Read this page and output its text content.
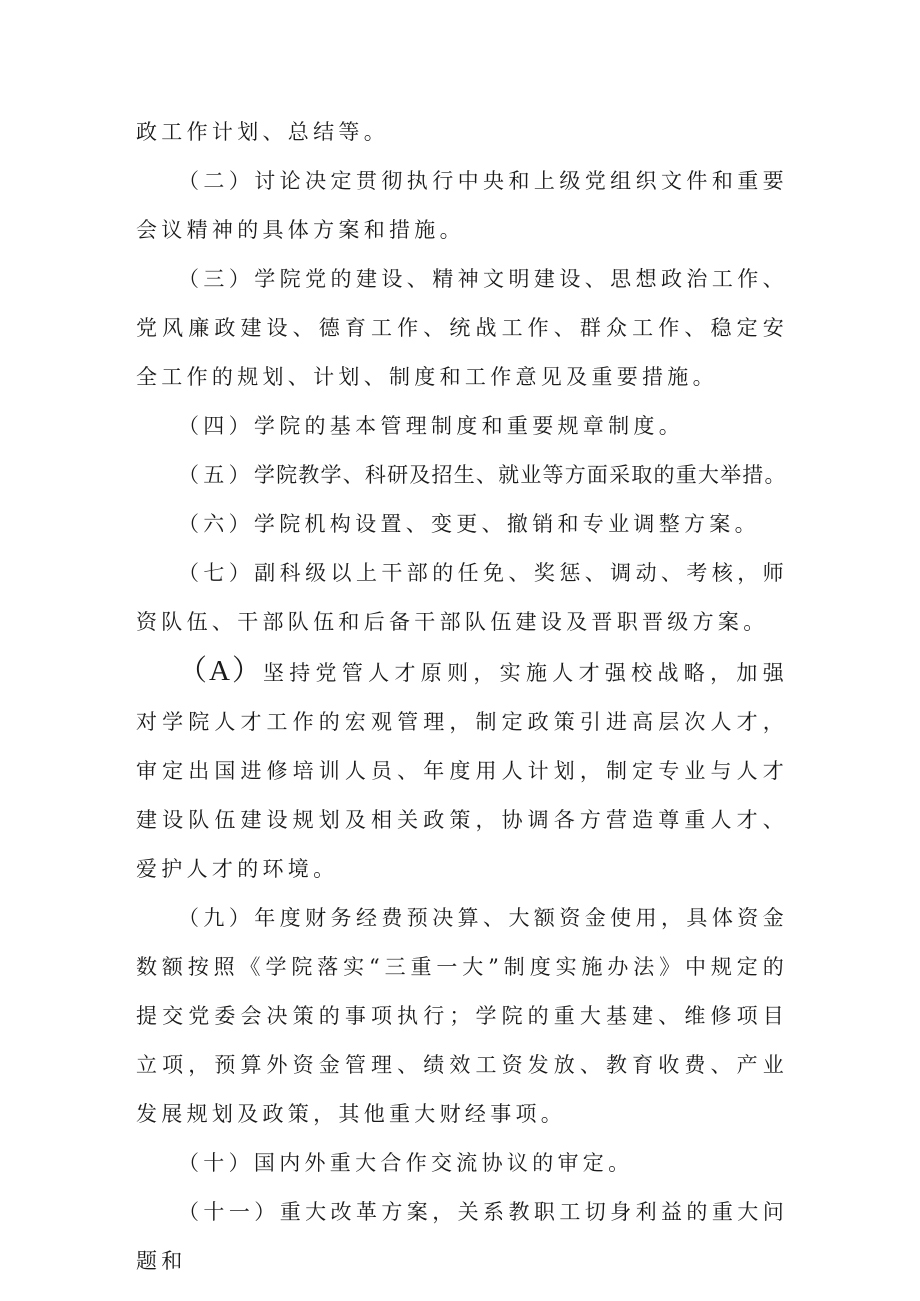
政工作计划、总结等。

（二）讨论决定贯彻执行中央和上级党组织文件和重要会议精神的具体方案和措施。

（三）学院党的建设、精神文明建设、思想政治工作、党风廉政建设、德育工作、统战工作、群众工作、稳定安全工作的规划、计划、制度和工作意见及重要措施。

（四）学院的基本管理制度和重要规章制度。

（五）学院教学、科研及招生、就业等方面采取的重大举措。

（六）学院机构设置、变更、撤销和专业调整方案。

（七）副科级以上干部的任免、奖惩、调动、考核，师资队伍、干部队伍和后备干部队伍建设及晋职晋级方案。

（A）坚持党管人才原则，实施人才强校战略，加强对学院人才工作的宏观管理，制定政策引进高层次人才，审定出国进修培训人员、年度用人计划，制定专业与人才建设队伍建设规划及相关政策，协调各方营造尊重人才、爱护人才的环境。

（九）年度财务经费预决算、大额资金使用，具体资金数额按照《学院落实“三重一大”制度实施办法》中规定的提交党委会决策的事项执行；学院的重大基建、维修项目立项，预算外资金管理、绩效工资发放、教育收费、产业发展规划及政策，其他重大财经事项。

（十）国内外重大合作交流协议的审定。

（十一）重大改革方案，关系教职工切身利益的重大问题和
